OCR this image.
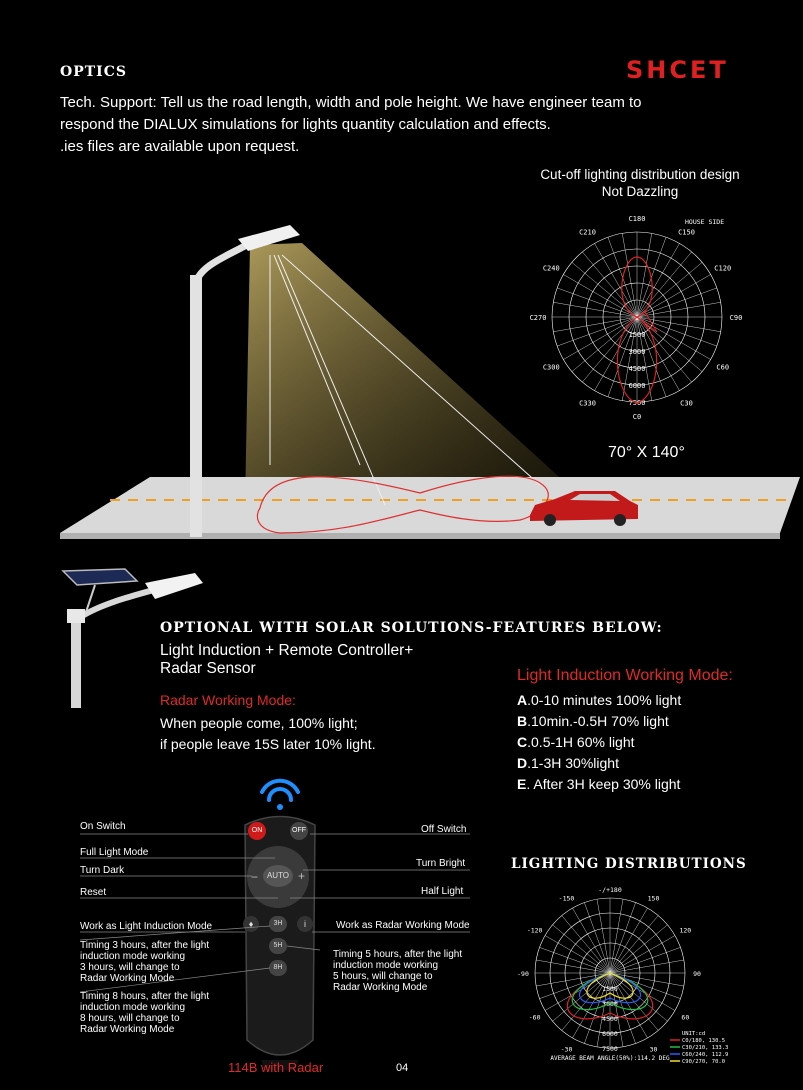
OPTICS	SHCET
Tech. Support: Tell us the road length, width and pole height. We have engineer team to
respond the DIALUX simulations for lights quantity calculation and effects.
.ies files are available upon request.
Cut-off lighting distribution design
Not Dazzling
C180
C150
C120
C90
C60
C30
C0
C330
C300
C270
C240
C210
0
1500
3000
4500
6000
7500
HOUSE SIDE
70° X 140°
OPTIONAL WITH SOLAR SOLUTIONS-FEATURES BELOW:
Light Induction + Remote Controller+
Radar Sensor
Radar Working Mode:
When people come, 100% light;
if people leave 15S later 10% light.
Light Induction Working Mode:
A.0-10 minutes 100% light
B.10min.-0.5H 70% light
C.0.5-1H 60% light
D.1-3H 30%light
E. After 3H keep 30% light
ON	OFF
−	+
AUTO
♦	3H	i
5H
8H
On Switch	Off Switch
Full Light Mode
Turn Dark
Turn Bright
Reset	Half Light
Work as Light Induction Mode	Work as Radar Working Mode
Timing 3 hours, after the light
induction mode working
3 hours, will change to
Radar Working Mode
Timing 5 hours, after the light
induction mode working
5 hours, will change to
Radar Working Mode
Timing 8 hours, after the light
induction mode working
8 hours, will change to
Radar Working Mode
114B with Radar	04
LIGHTING DISTRIBUTIONS
-/+180
-150	150
-120	120
-90	90
-60	60
-30	30
1500
3000
4500
6000
7500
UNIT:cd
C0/180, 130.5
C30/210, 133.3
C60/240, 112.9
C90/270, 70.0
AVERAGE BEAM ANGLE(50%):114.2 DEG
